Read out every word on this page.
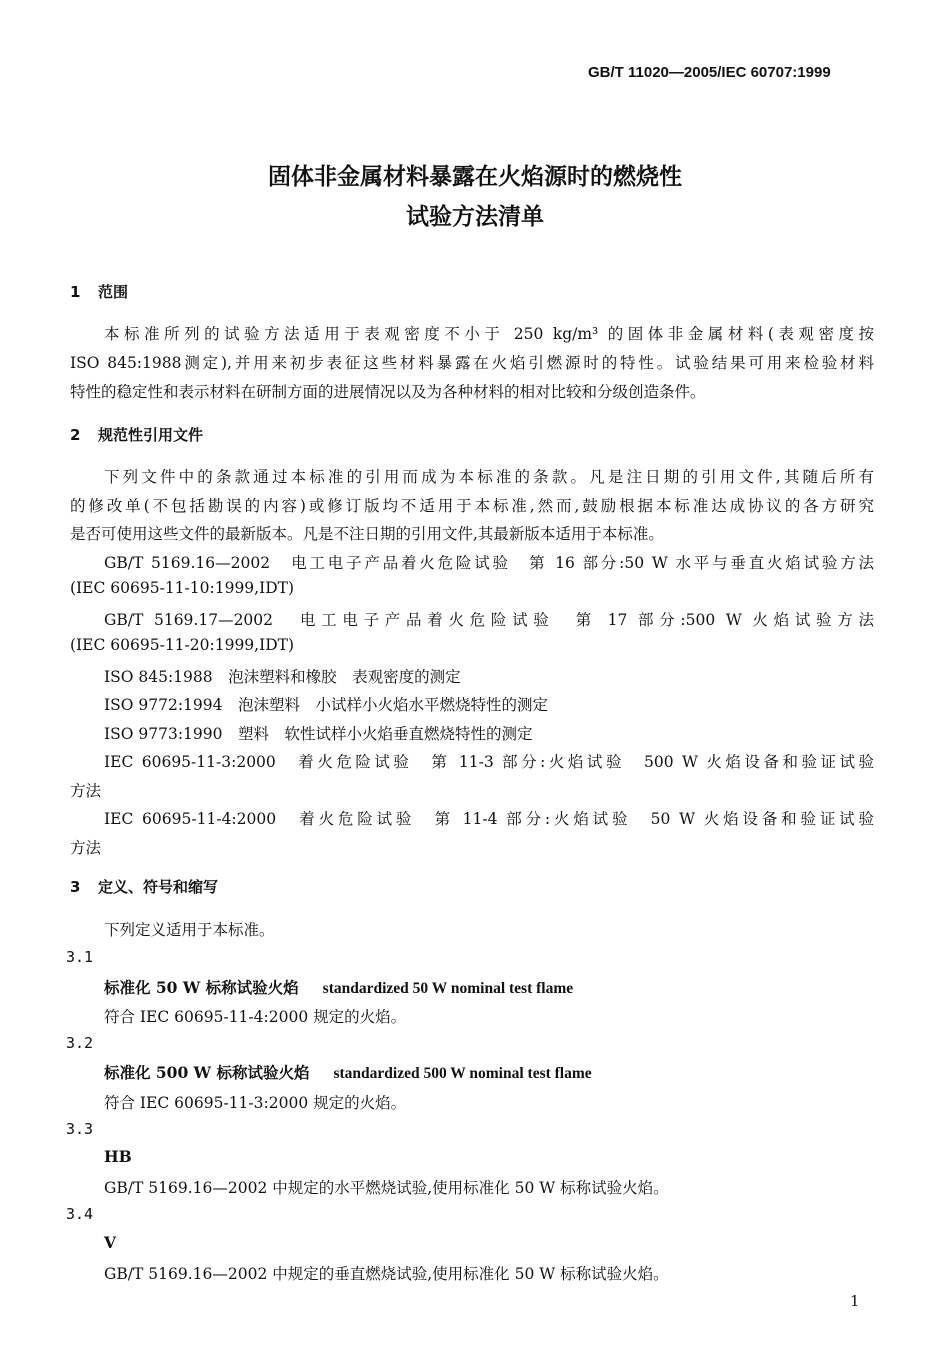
GB/T 11020—2005/IEC 60707:1999
固体非金属材料暴露在火焰源时的燃烧性
试验方法清单
1 范围
本标准所列的试验方法适用于表观密度不小于 250 kg/m³ 的固体非金属材料(表观密度按
ISO 845:1988测定),并用来初步表征这些材料暴露在火焰引燃源时的特性。试验结果可用来检验材料
特性的稳定性和表示材料在研制方面的进展情况以及为各种材料的相对比较和分级创造条件。
2 规范性引用文件
下列文件中的条款通过本标准的引用而成为本标准的条款。凡是注日期的引用文件,其随后所有
的修改单(不包括勘误的内容)或修订版均不适用于本标准,然而,鼓励根据本标准达成协议的各方研究
是否可使用这些文件的最新版本。凡是不注日期的引用文件,其最新版本适用于本标准。
GB/T 5169.16—2002　电工电子产品着火危险试验　第 16 部分:50 W 水平与垂直火焰试验方法
(IEC 60695-11-10:1999,IDT)
GB/T 5169.17—2002　电工电子产品着火危险试验　第 17 部分:500 W 火焰试验方法
(IEC 60695-11-20:1999,IDT)
ISO 845:1988　泡沫塑料和橡胶　表观密度的测定
ISO 9772:1994　泡沫塑料　小试样小火焰水平燃烧特性的测定
ISO 9773:1990　塑料　软性试样小火焰垂直燃烧特性的测定
IEC 60695-11-3:2000　着火危险试验　第 11-3 部分:火焰试验　500 W 火焰设备和验证试验
方法
IEC 60695-11-4:2000　着火危险试验　第 11-4 部分:火焰试验　50 W 火焰设备和验证试验
方法
3 定义、符号和缩写
下列定义适用于本标准。
3.1
标准化 50 W 标称试验火焰 standardized 50 W nominal test flame
符合 IEC 60695-11-4:2000 规定的火焰。
3.2
标准化 500 W 标称试验火焰 standardized 500 W nominal test flame
符合 IEC 60695-11-3:2000 规定的火焰。
3.3
HB
GB/T 5169.16—2002 中规定的水平燃烧试验,使用标准化 50 W 标称试验火焰。
3.4
V
GB/T 5169.16—2002 中规定的垂直燃烧试验,使用标准化 50 W 标称试验火焰。
1
